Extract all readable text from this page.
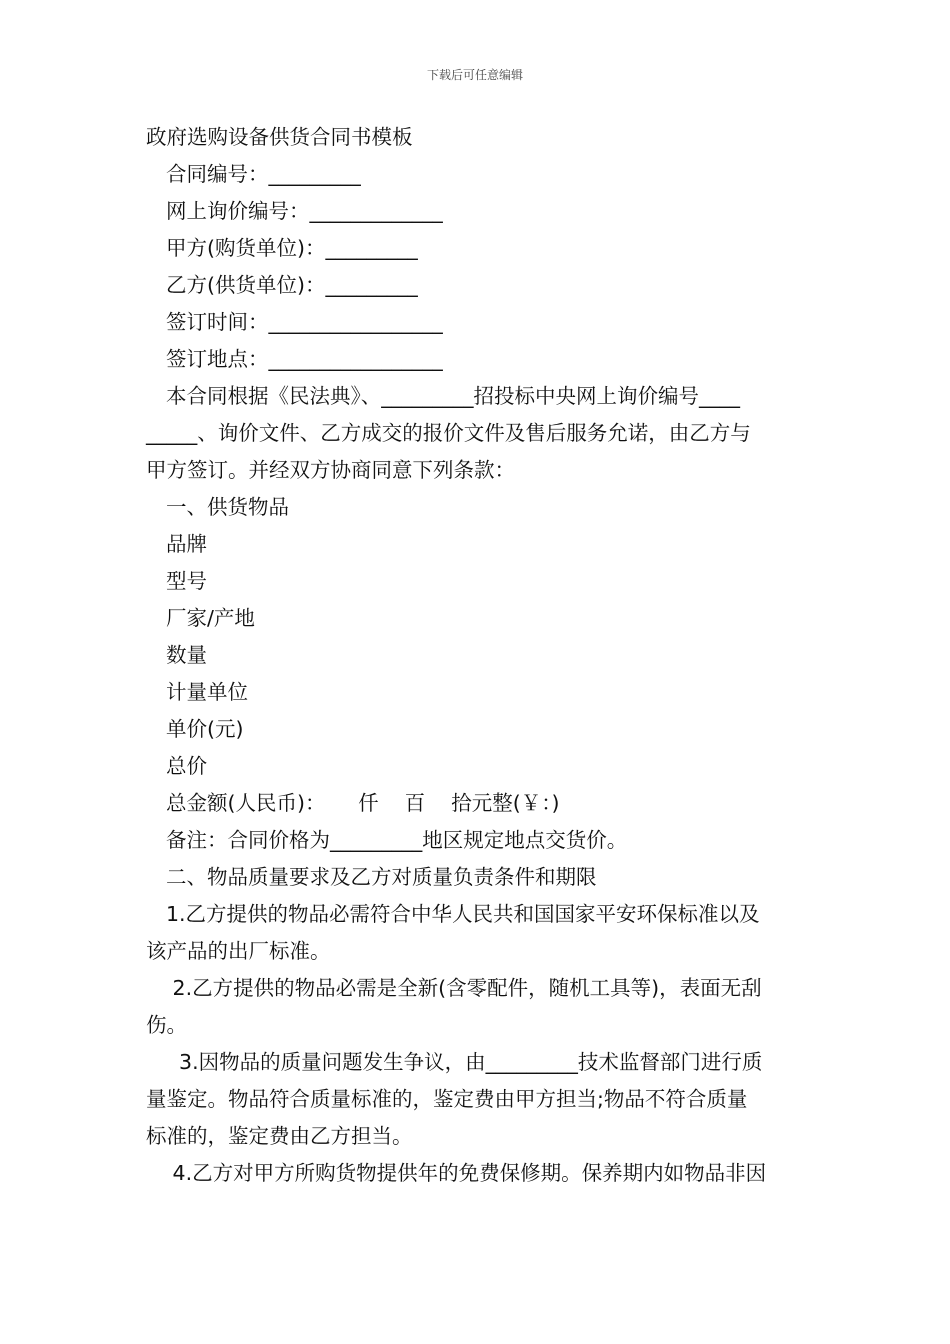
下载后可任意编辑

政府选购设备供货合同书模板

合同编号：_________

网上询价编号：_____________

甲方(购货单位)：_________

乙方(供货单位)：_________

签订时间：_________________

签订地点：_________________

本合同根据《民法典》、_________招投标中央网上询价编号____

_____、询价文件、乙方成交的报价文件及售后服务允诺，由乙方与

甲方签订。并经双方协商同意下列条款：

一、供货物品

品牌

型号

厂家/产地

数量

计量单位

单价(元)

总价

总金额(人民币)：     仟    百    拾元整(￥：)

备注：合同价格为_________地区规定地点交货价。

二、物品质量要求及乙方对质量负责条件和期限

1.乙方提供的物品必需符合中华人民共和国国家平安环保标准以及

该产品的出厂标准。

2.乙方提供的物品必需是全新(含零配件，随机工具等)，表面无刮

伤。

3.因物品的质量问题发生争议，由_________技术监督部门进行质

量鉴定。物品符合质量标准的，鉴定费由甲方担当;物品不符合质量

标准的，鉴定费由乙方担当。

4.乙方对甲方所购货物提供年的免费保修期。保养期内如物品非因
